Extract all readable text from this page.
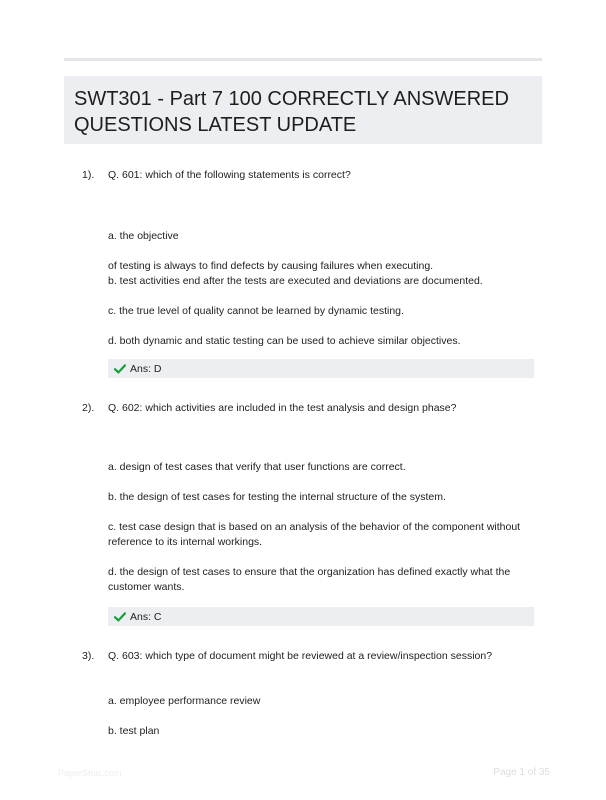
SWT301 - Part 7 100 CORRECTLY ANSWERED QUESTIONS LATEST UPDATE
1). Q. 601: which of the following statements is correct?
a. the objective
of testing is always to find defects by causing failures when executing.
b. test activities end after the tests are executed and deviations are documented.
c. the true level of quality cannot be learned by dynamic testing.
d. both dynamic and static testing can be used to achieve similar objectives.
Ans: D
2). Q. 602: which activities are included in the test analysis and design phase?
a. design of test cases that verify that user functions are correct.
b. the design of test cases for testing the internal structure of the system.
c. test case design that is based on an analysis of the behavior of the component without reference to its internal workings.
d. the design of test cases to ensure that the organization has defined exactly what the customer wants.
Ans: C
3). Q. 603: which type of document might be reviewed at a review/inspection session?
a. employee performance review
b. test plan
PaperStoic.com	Page 1 of 35
